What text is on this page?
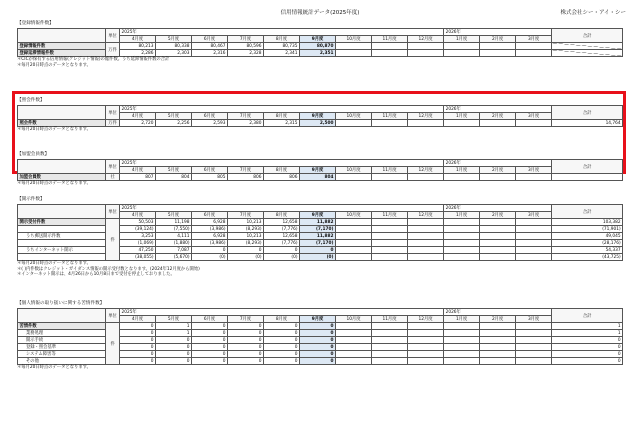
信用情報統計データ(2025年度)	株式会社シー・アイ・シー
【登録情報件数】
	単位	2025年									2026年			合計
		4月度	5月度	6月度	7月度	8月度	9月度	10月度	11月度	12月度	1月度	2月度	3月度	
登録情報件数	万件	80,213	80,338	80,467	80,596	80,735	80,870							
登録延滞情報件数		2,286	2,303	2,316	2,328	2,341	2,351							
＊CICが保有する信用情報(クレジット情報)の総件数。うち延滞情報件数の合計
＊毎月20日時点のデータとなります。
【照会件数】
	単位	2025年									2026年			合計
		4月度	5月度	6月度	7月度	8月度	9月度	10月度	11月度	12月度	1月度	2月度	3月度	
照会件数	万件	2,720	2,256	2,593	2,380	2,315	2,500							14,764
＊毎月20日時点のデータとなります。
【加盟会員数】
	単位	2025年									2026年			合計
		4月度	5月度	6月度	7月度	8月度	9月度	10月度	11月度	12月度	1月度	2月度	3月度	
加盟会員数	社	807	804	805	806	806	804							
＊毎月20日時点のデータとなります。
【開示件数】
	単位	2025年									2026年			合計
		4月度	5月度	6月度	7月度	8月度	9月度	10月度	11月度	12月度	1月度	2月度	3月度	
開示受付件数	件	50,503	11,198	6,928	10,213	12,658	11,882							103,382
		(39,124)	(7,550)	(3,986)	(8,293)	(7,776)	(7,170)							(71,901)
うち郵送開示件数		3,253	4,111	6,928	10,213	12,658	11,882							49,045
		(1,069)	(1,880)	(3,986)	(8,293)	(7,776)	(7,170)							(28,176)
うちインターネット開示		47,250	7,087	0	0	0	0							54,337
		(38,055)	(5,670)	(0)	(0)	(0)	(0)							(43,725)
＊毎月20日時点のデータとなります。
＊( )内件数はクレジット・ガイダンス情報の開示受付数となります。(2024年12月度から開始)
＊インターネット開示は、4月26日から10月8日まで受付を停止しておりました。
【個人情報の取り扱いに関する苦情件数】
	単位	2025年									2026年			合計
		4月度	5月度	6月度	7月度	8月度	9月度	10月度	11月度	12月度	1月度	2月度	3月度	
苦情件数	件	0	1	0	0	0	0							1
業務処理		0	1	0	0	0	0							1
開示手続		0	0	0	0	0	0							0
登録・照会基準		0	0	0	0	0	0							0
システム障害等		0	0	0	0	0	0							0
その他		0	0	0	0	0	0							0
＊毎月20日時点のデータとなります。
